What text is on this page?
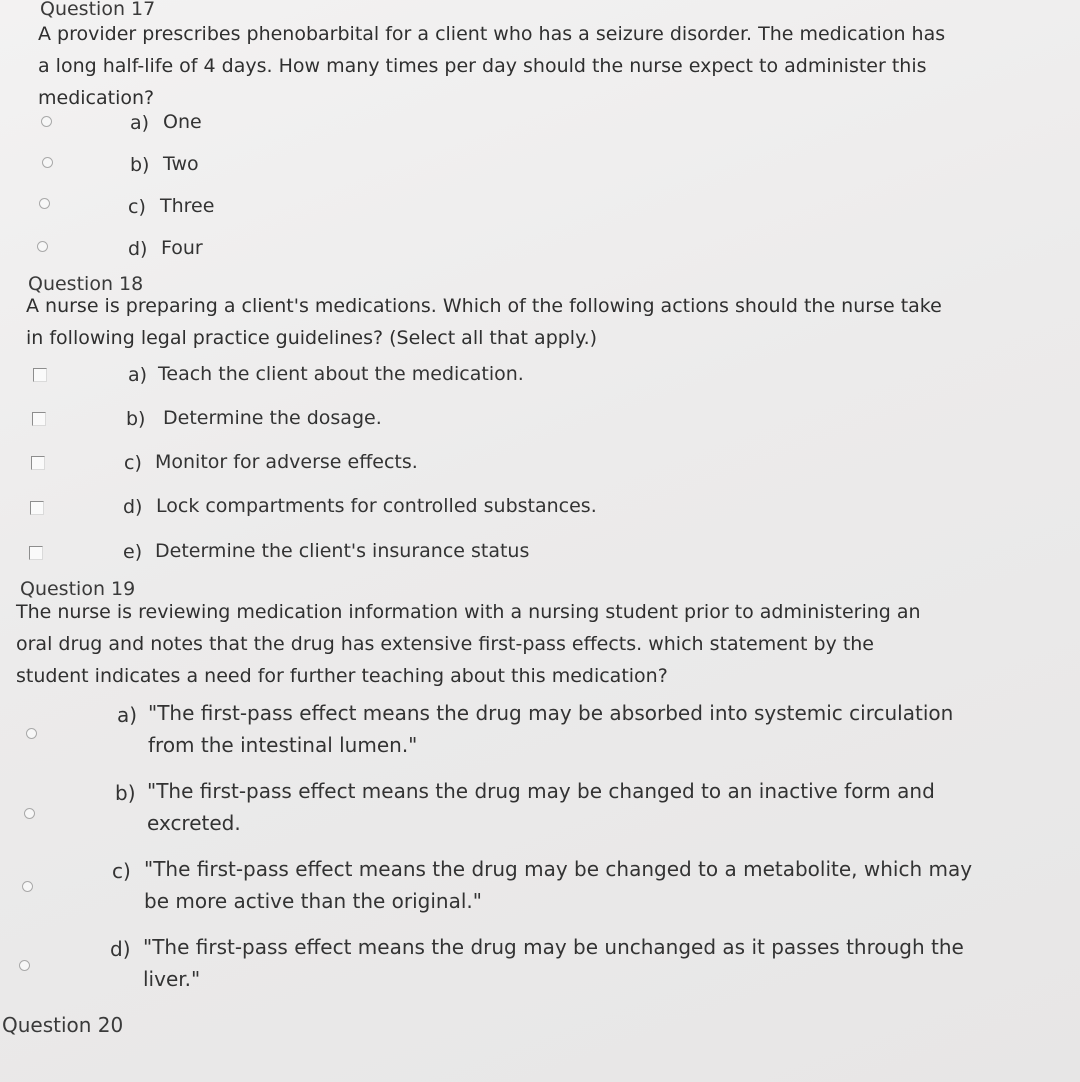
Question 17
A provider prescribes phenobarbital for a client who has a seizure disorder. The medication has
a long half-life of 4 days. How many times per day should the nurse expect to administer this
medication?
a) One
b) Two
c) Three
d) Four
Question 18
A nurse is preparing a client's medications. Which of the following actions should the nurse take
in following legal practice guidelines? (Select all that apply.)
a) Teach the client about the medication.
b) Determine the dosage.
c) Monitor for adverse effects.
d) Lock compartments for controlled substances.
e) Determine the client's insurance status
Question 19
The nurse is reviewing medication information with a nursing student prior to administering an
oral drug and notes that the drug has extensive first-pass effects. which statement by the
student indicates a need for further teaching about this medication?
a) "The first-pass effect means the drug may be absorbed into systemic circulation
from the intestinal lumen."
b) "The first-pass effect means the drug may be changed to an inactive form and
excreted.
c) "The first-pass effect means the drug may be changed to a metabolite, which may
be more active than the original."
d) "The first-pass effect means the drug may be unchanged as it passes through the
liver."
Question 20
